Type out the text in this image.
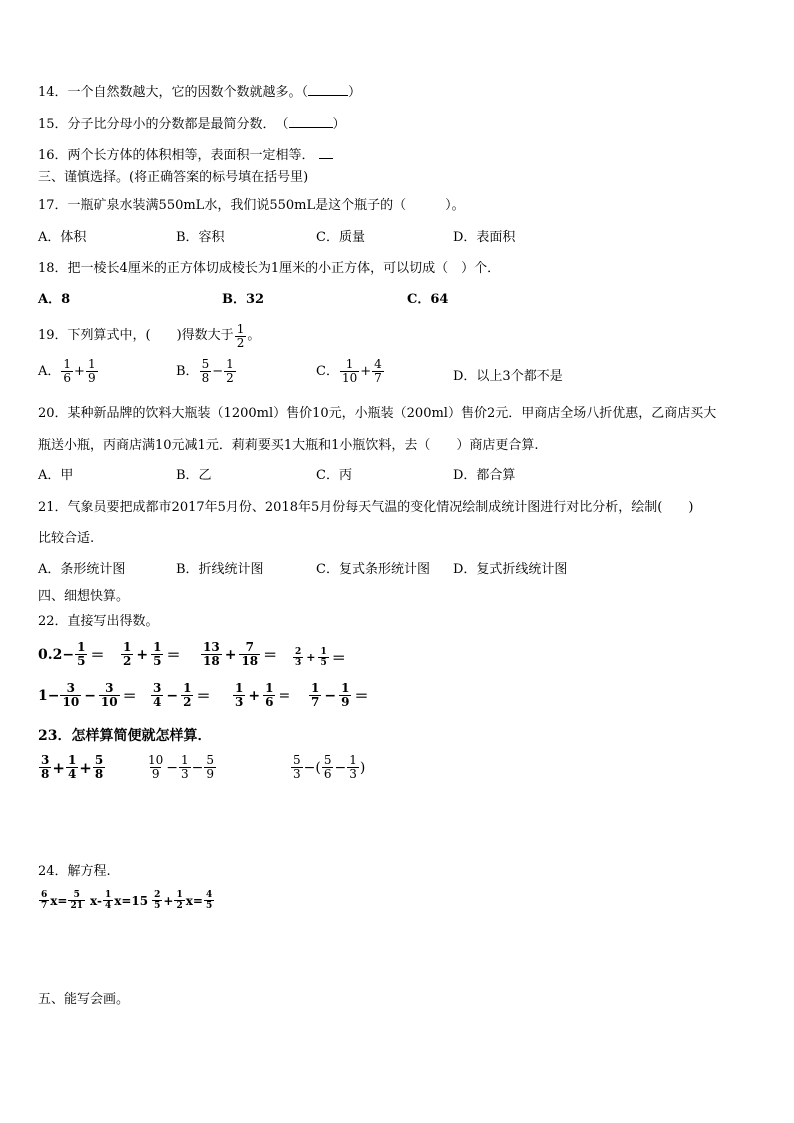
14．一个自然数越大，它的因数个数就越多。（	）
15．分子比分母小的分数都是最简分数．　（	）
16．两个长方体的体积相等，表面积一定相等．
三、谨慎选择。(将正确答案的标号填在括号里)
17．一瓶矿泉水装满550mL水，我们说550mL是这个瓶子的（　　　）。
A．体积	B．容积	C．质量	D．表面积
18．把一棱长4厘米的正方体切成棱长为1厘米的小正方体，可以切成（　）个．
A．8	B．32	C．64
19．下列算式中，(　　)得数大于 $\frac{1}{2}$ 。
A． $\frac{1}{6} + \frac{1}{9}$	B． $\frac{5}{8} - \frac{1}{2}$	C． $\frac{1}{10} + \frac{4}{7}$	D．以上3个都不是
20．某种新品牌的饮料大瓶装（1200ml）售价10元，小瓶装（200ml）售价2元．甲商店全场八折优惠，乙商店买大
瓶送小瓶，丙商店满10元减1元．莉莉要买1大瓶和1小瓶饮料，去（　　）商店更合算.
A．甲	B．乙	C．丙	D．都合算
21．气象员要把成都市2017年5月份、2018年5月份每天气温的变化情况绘制成统计图进行对比分析，绘制(　　)
比较合适.
A．条形统计图	B．折线统计图	C．复式条形统计图 D．复式折线统计图
四、细想快算。
22．直接写出得数。
$0.2- \frac{1}{5} = \frac{1}{2} + \frac{1}{5} = \frac{13}{18} + \frac{7}{18} = \frac{2}{3} + \frac{1}{5}$ ＝
$1- \frac{3}{10} - \frac{3}{10} = \frac{3}{4} - \frac{1}{2} = \frac{1}{3} + \frac{1}{6} = \frac{1}{7} - \frac{1}{9}$ ＝
23．怎样算简便就怎样算．
$\frac{3}{8} + \frac{1}{4} + \frac{5}{8}$	$\frac{10}{9} - \frac{1}{3} - \frac{5}{9}$	$\frac{5}{3}$ −( $\frac{5}{6} - \frac{1}{3}$ )
24．解方程.
$\frac{6}{7} x= \frac{5}{21} x- \frac{1}{4} x=15 \frac{2}{5} + \frac{1}{2} x= \frac{4}{5}$
五、能写会画。
